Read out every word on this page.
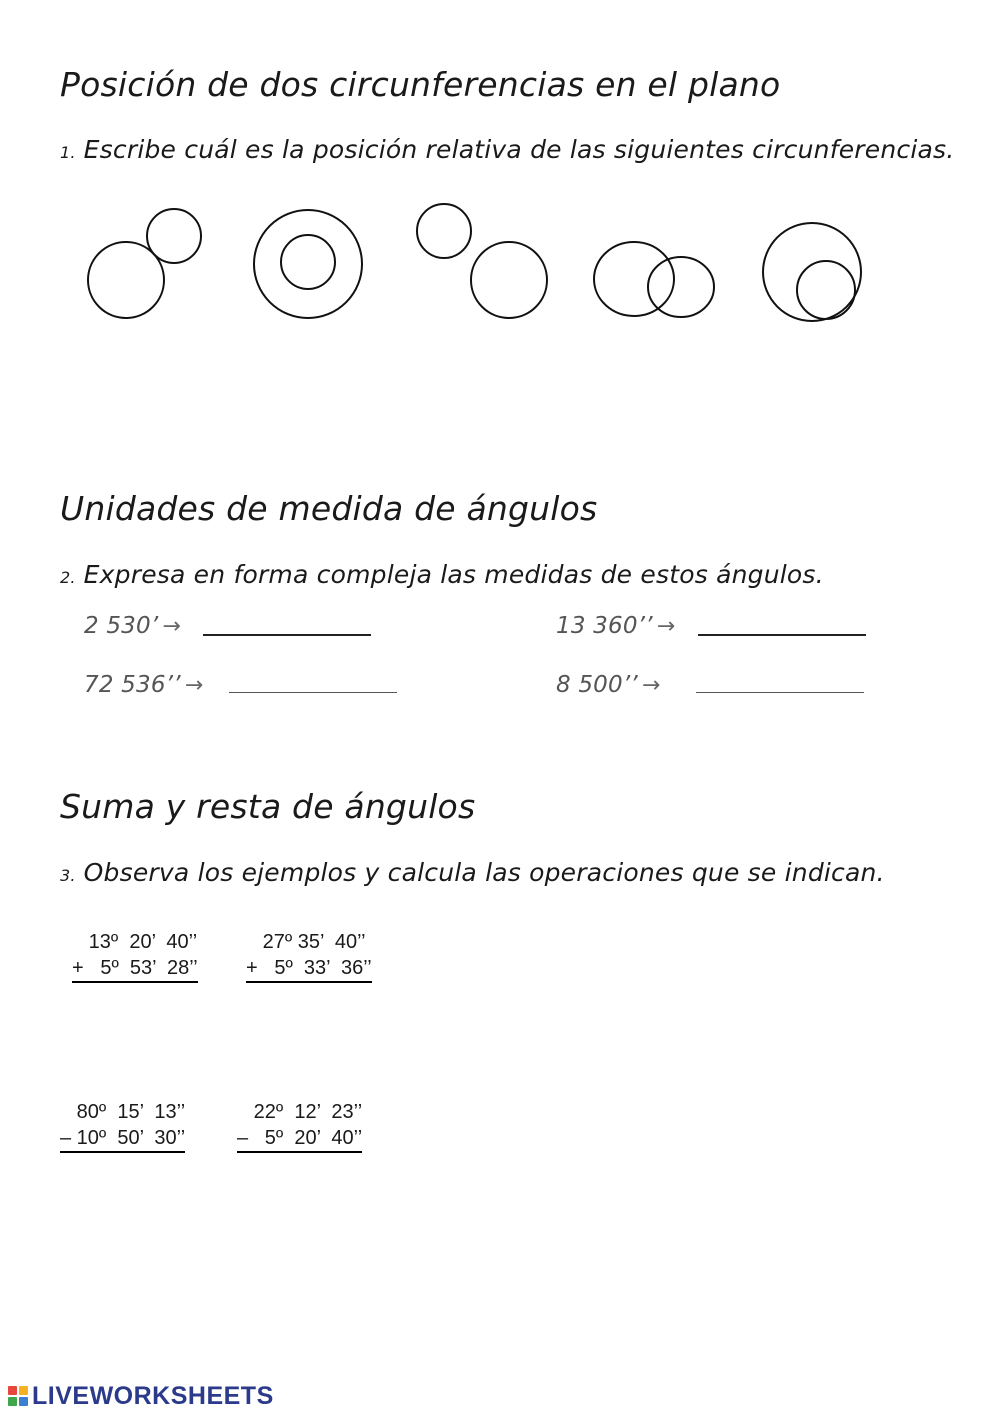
Posición de dos circunferencias en el plano

1. Escribe cuál es la posición relativa de las siguientes circunferencias.

Unidades de medida de ángulos

2. Expresa en forma compleja las medidas de estos ángulos.

2 530’ →	13 360’’ →
72 536’’ →	8 500’’ →
Suma y resta de ángulos

3. Observa los ejemplos y calcula las operaciones que se indican.

13º  20’  40’’
+   5º  53’  28’’
27º 35’  40’’
+   5º  33’  36’’
80º  15’  13’’
– 10º  50’  30’’
22º  12’  23’’
–   5º  20’  40’’
LIVEWORKSHEETS
